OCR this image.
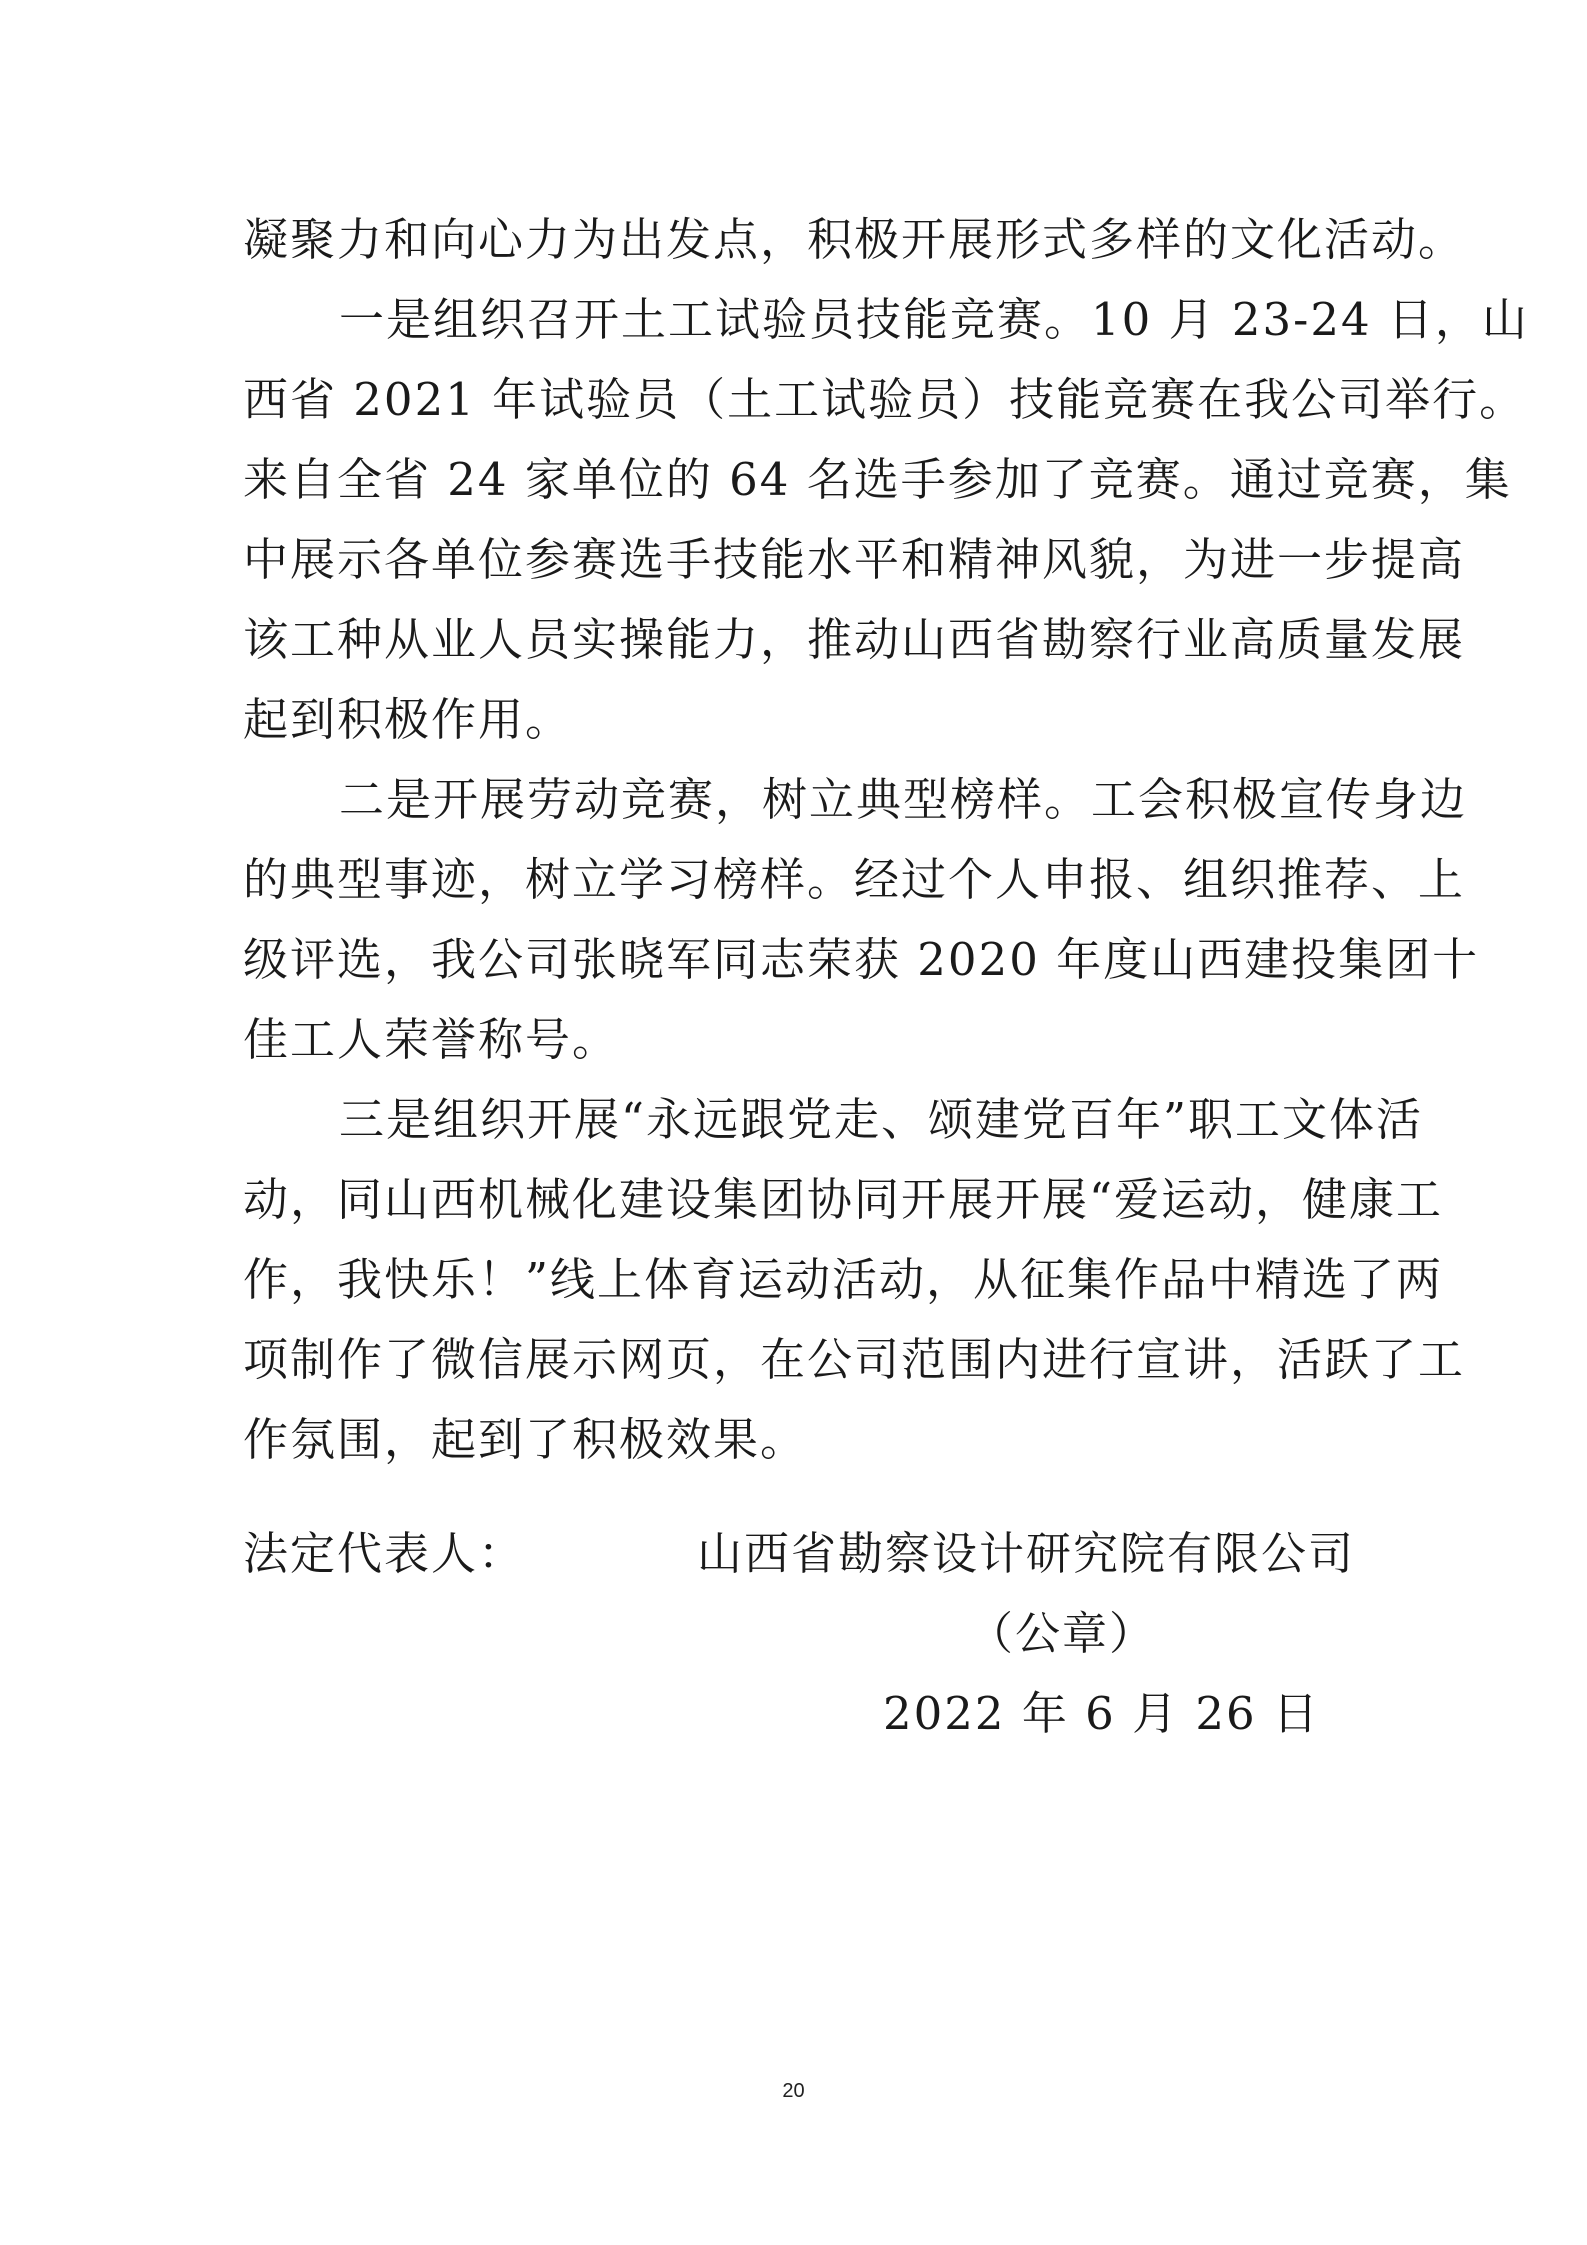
凝聚力和向心力为出发点，积极开展形式多样的文化活动。
一是组织召开土工试验员技能竞赛。10 月 23-24 日，山
西省 2021 年试验员（土工试验员）技能竞赛在我公司举行。
来自全省 24 家单位的 64 名选手参加了竞赛。通过竞赛，集
中展示各单位参赛选手技能水平和精神风貌，为进一步提高
该工种从业人员实操能力，推动山西省勘察行业高质量发展
起到积极作用。
二是开展劳动竞赛，树立典型榜样。工会积极宣传身边
的典型事迹，树立学习榜样。经过个人申报、组织推荐、上
级评选，我公司张晓军同志荣获 2020 年度山西建投集团十
佳工人荣誉称号。
三是组织开展“永远跟党走、颂建党百年”职工文体活
动，同山西机械化建设集团协同开展开展“爱运动，健康工
作，我快乐！”线上体育运动活动，从征集作品中精选了两
项制作了微信展示网页，在公司范围内进行宣讲，活跃了工
作氛围，起到了积极效果。
法定代表人：	山西省勘察设计研究院有限公司
（公章）
2022 年 6 月 26 日
20
